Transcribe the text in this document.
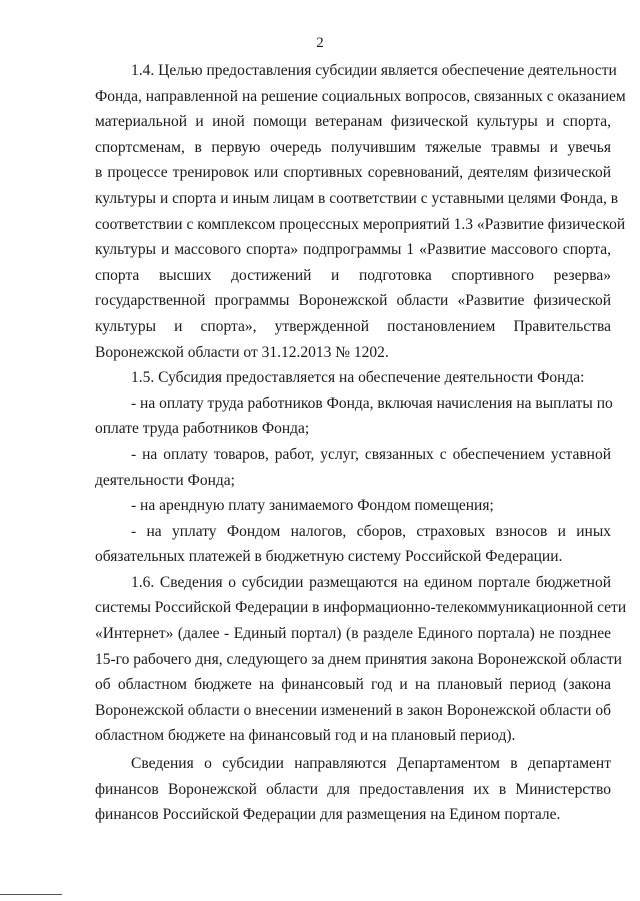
2
1.4. Целью предоставления субсидии является обеспечение деятельности
Фонда, направленной на решение социальных вопросов, связанных с оказанием
материальной и иной помощи ветеранам физической культуры и спорта,
спортсменам, в первую очередь получившим тяжелые травмы и увечья
в процессе тренировок или спортивных соревнований, деятелям физической
культуры и спорта и иным лицам в соответствии с уставными целями Фонда, в
соответствии с комплексом процессных мероприятий 1.3 «Развитие физической
культуры и массового спорта» подпрограммы 1 «Развитие массового спорта,
спорта высших достижений и подготовка спортивного резерва»
государственной программы Воронежской области «Развитие физической
культуры и спорта», утвержденной постановлением Правительства
Воронежской области от 31.12.2013 № 1202.
1.5. Субсидия предоставляется на обеспечение деятельности Фонда:
- на оплату труда работников Фонда, включая начисления на выплаты по
оплате труда работников Фонда;
- на оплату товаров, работ, услуг, связанных с обеспечением уставной
деятельности Фонда;
- на арендную плату занимаемого Фондом помещения;
- на уплату Фондом налогов, сборов, страховых взносов и иных
обязательных платежей в бюджетную систему Российской Федерации.
1.6. Сведения о субсидии размещаются на едином портале бюджетной
системы Российской Федерации в информационно-телекоммуникационной сети
«Интернет» (далее - Единый портал) (в разделе Единого портала) не позднее
15-го рабочего дня, следующего за днем принятия закона Воронежской области
об областном бюджете на финансовый год и на плановый период (закона
Воронежской области о внесении изменений в закон Воронежской области об
областном бюджете на финансовый год и на плановый период).
Сведения о субсидии направляются Департаментом в департамент
финансов Воронежской области для предоставления их в Министерство
финансов Российской Федерации для размещения на Едином портале.
